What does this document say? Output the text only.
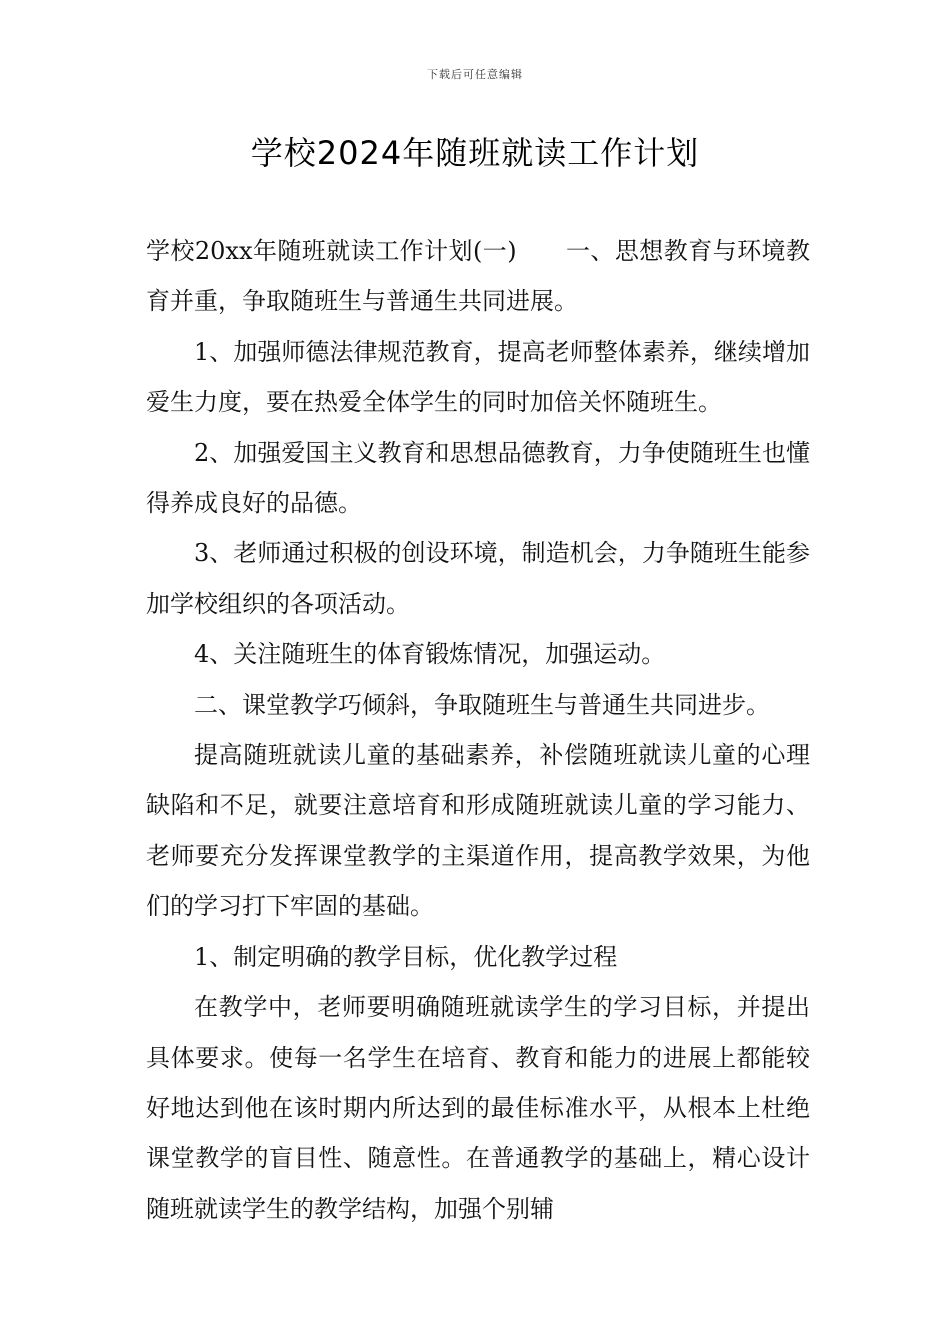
下载后可任意编辑
学校2024年随班就读工作计划

学校20xx年随班就读工作计划(一)　　一、思想教育与环境教育并重，争取随班生与普通生共同进展。

1、加强师德法律规范教育，提高老师整体素养，继续增加爱生力度，要在热爱全体学生的同时加倍关怀随班生。

2、加强爱国主义教育和思想品德教育，力争使随班生也懂得养成良好的品德。

3、老师通过积极的创设环境，制造机会，力争随班生能参加学校组织的各项活动。

4、关注随班生的体育锻炼情况，加强运动。

二、课堂教学巧倾斜，争取随班生与普通生共同进步。

提高随班就读儿童的基础素养，补偿随班就读儿童的心理缺陷和不足，就要注意培育和形成随班就读儿童的学习能力、老师要充分发挥课堂教学的主渠道作用，提高教学效果，为他们的学习打下牢固的基础。

1、制定明确的教学目标，优化教学过程

在教学中，老师要明确随班就读学生的学习目标，并提出具体要求。使每一名学生在培育、教育和能力的进展上都能较好地达到他在该时期内所达到的最佳标准水平，从根本上杜绝课堂教学的盲目性、随意性。在普通教学的基础上，精心设计随班就读学生的教学结构，加强个别辅
